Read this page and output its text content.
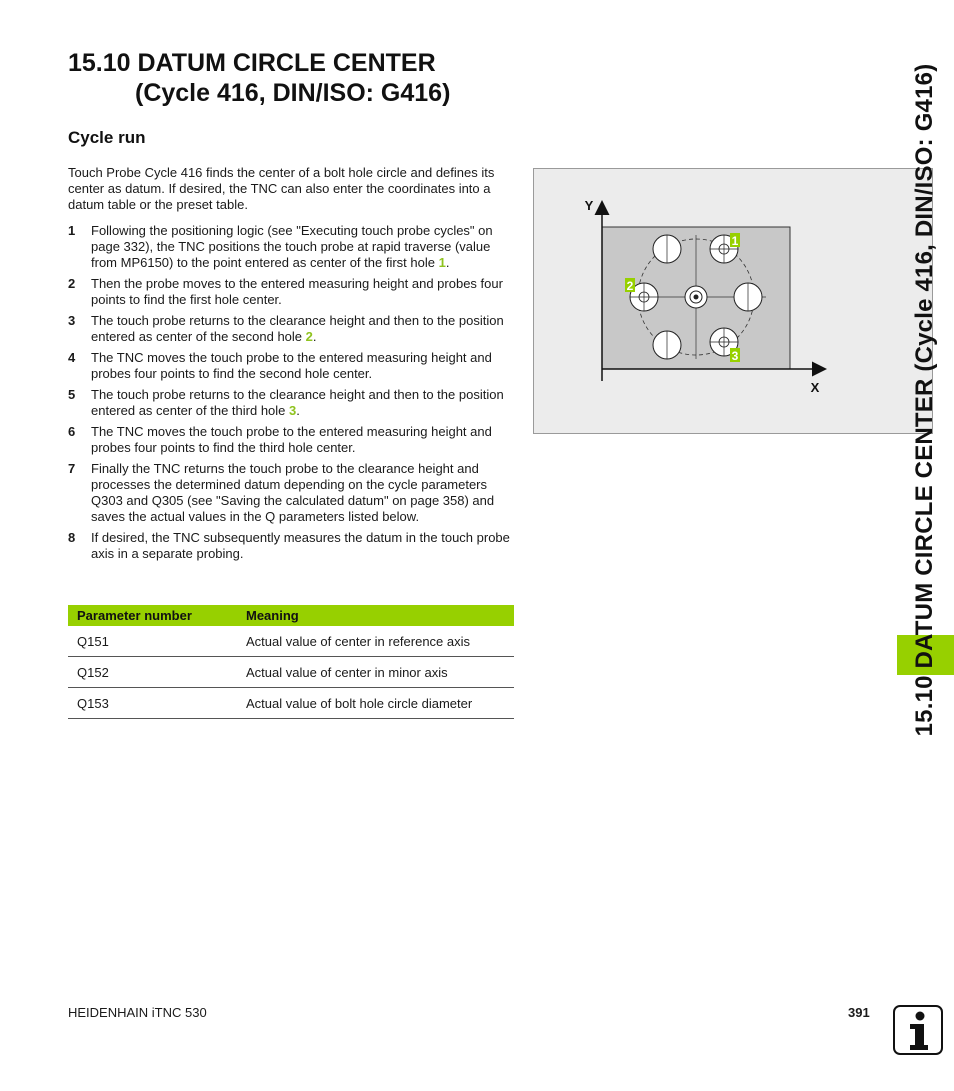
15.10 DATUM CIRCLE CENTER
(Cycle 416, DIN/ISO: G416)
Cycle run

Touch Probe Cycle 416 finds the center of a bolt hole circle and defines its center as datum. If desired, the TNC can also enter the coordinates into a datum table or the preset table.

1 Following the positioning logic (see "Executing touch probe cycles" on page 332), the TNC positions the touch probe at rapid traverse (value from MP6150) to the point entered as center of the first hole 1.
2 Then the probe moves to the entered measuring height and probes four points to find the first hole center.
3 The touch probe returns to the clearance height and then to the position entered as center of the second hole 2.
4 The TNC moves the touch probe to the entered measuring height and probes four points to find the second hole center.
5 The touch probe returns to the clearance height and then to the position entered as center of the third hole 3.
6 The TNC moves the touch probe to the entered measuring height and probes four points to find the third hole center.
7 Finally the TNC returns the touch probe to the clearance height and processes the determined datum depending on the cycle parameters Q303 and Q305 (see "Saving the calculated datum" on page 358) and saves the actual values in the Q parameters listed below.
8 If desired, the TNC subsequently measures the datum in the touch probe axis in a separate probing.
Parameter number	Meaning
Q151	Actual value of center in reference axis
Q152	Actual value of center in minor axis
Q153	Actual value of bolt hole circle diameter
1
2
3
Y
X	15.10 DATUM CIRCLE CENTER (Cycle 416, DIN/ISO: G416)
HEIDENHAIN iTNC 530	391
